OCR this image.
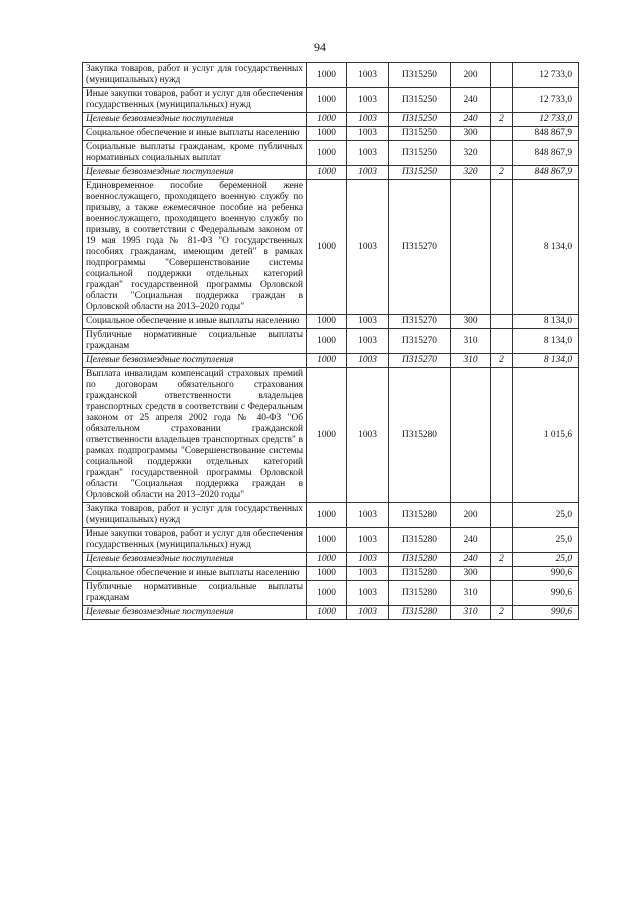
94
Закупка товаров, работ и услуг для государственных (муниципальных) нужд	1000	1003	П315250	200		12 733,0
Иные закупки товаров, работ и услуг для обеспечения государственных (муниципальных) нужд	1000	1003	П315250	240		12 733,0
Целевые безвозмездные поступления	1000	1003	П315250	240	2	12 733,0
Социальное обеспечение и иные выплаты населению	1000	1003	П315250	300		848 867,9
Социальные выплаты гражданам, кроме публичных нормативных социальных выплат	1000	1003	П315250	320		848 867,9
Целевые безвозмездные поступления	1000	1003	П315250	320	2	848 867,9
Единовременное пособие беременной жене военнослужащего, проходящего военную службу по призыву, а также ежемесячное пособие на ребенка военнослужащего, проходящего военную службу по призыву, в соответствии с Федеральным законом от 19 мая 1995 года № 81-ФЗ "О государственных пособиях гражданам, имеющим детей" в рамках подпрограммы "Совершенствование системы социальной поддержки отдельных категорий граждан" государственной программы Орловской области "Социальная поддержка граждан в Орловской области на 2013–2020 годы"	1000	1003	П315270			8 134,0
Социальное обеспечение и иные выплаты населению	1000	1003	П315270	300		8 134,0
Публичные нормативные социальные выплаты гражданам	1000	1003	П315270	310		8 134,0
Целевые безвозмездные поступления	1000	1003	П315270	310	2	8 134,0
Выплата инвалидам компенсаций страховых премий по договорам обязательного страхования гражданской ответственности владельцев транспортных средств в соответствии с Федеральным законом от 25 апреля 2002 года № 40-ФЗ "Об обязательном страховании гражданской ответственности владельцев транспортных средств" в рамках подпрограммы "Совершенствование системы социальной поддержки отдельных категорий граждан" государственной программы Орловской области "Социальная поддержка граждан в Орловской области на 2013–2020 годы"	1000	1003	П315280			1 015,6
Закупка товаров, работ и услуг для государственных (муниципальных) нужд	1000	1003	П315280	200		25,0
Иные закупки товаров, работ и услуг для обеспечения государственных (муниципальных) нужд	1000	1003	П315280	240		25,0
Целевые безвозмездные поступления	1000	1003	П315280	240	2	25,0
Социальное обеспечение и иные выплаты населению	1000	1003	П315280	300		990,6
Публичные нормативные социальные выплаты гражданам	1000	1003	П315280	310		990,6
Целевые безвозмездные поступления	1000	1003	П315280	310	2	990,6
